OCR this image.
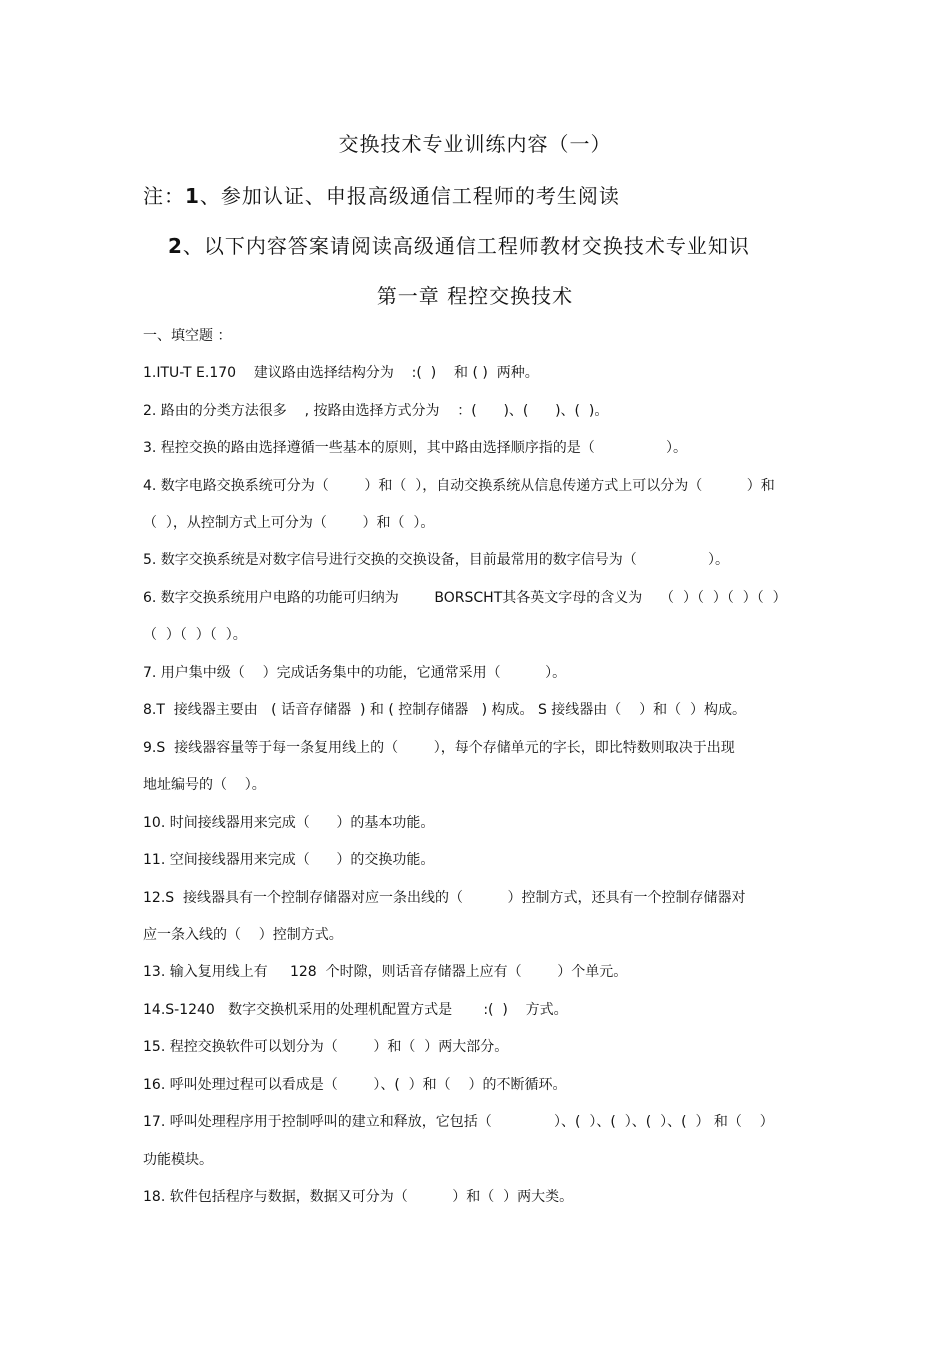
交换技术专业训练内容（一）
注：1、参加认证、申报高级通信工程师的考生阅读
2、以下内容答案请阅读高级通信工程师教材交换技术专业知识
第一章 程控交换技术
一、填空题 ：
1.ITU-T E.170    建议路由选择结构分为    :(  )    和 ( )  两种。
2. 路由的分类方法很多    , 按路由选择方式分为    ：(      )、(      )、(  )。
3. 程控交换的路由选择遵循一些基本的原则，其中路由选择顺序指的是（                ）。
4. 数字电路交换系统可分为（        ）和（  ），自动交换系统从信息传递方式上可以分为（          ）和
（  ），从控制方式上可分为（        ）和（  ）。
5. 数字交换系统是对数字信号进行交换的交换设备，目前最常用的数字信号为（                ）。
6. 数字交换系统用户电路的功能可归纳为        BORSCHT其各英文字母的含义为    （  ）（  ）（  ）（  ）
（  ）（  ）（  ）。
7. 用户集中级（    ）完成话务集中的功能，它通常采用（          ）。
8.T  接线器主要由   ( 话音存储器  ) 和 ( 控制存储器   ) 构成。 S 接线器由（    ）和（  ）构成。
9.S  接线器容量等于每一条复用线上的（        ），每个存储单元的字长，即比特数则取决于出现
地址编号的（    ）。
10. 时间接线器用来完成（      ）的基本功能。
11. 空间接线器用来完成（      ）的交换功能。
12.S  接线器具有一个控制存储器对应一条出线的（          ）控制方式，还具有一个控制存储器对
应一条入线的（    ）控制方式。
13. 输入复用线上有     128  个时隙，则话音存储器上应有（        ）个单元。
14.S-1240   数字交换机采用的处理机配置方式是       :(  )    方式。
15. 程控交换软件可以划分为（        ）和（  ）两大部分。
16. 呼叫处理过程可以看成是（        ）、(  ）和（    ）的不断循环。
17. 呼叫处理程序用于控制呼叫的建立和释放，它包括（              ）、(  ）、(  ）、(  ）、(  ） 和（    ）
功能模块。
18. 软件包括程序与数据，数据又可分为（          ）和（  ）两大类。
